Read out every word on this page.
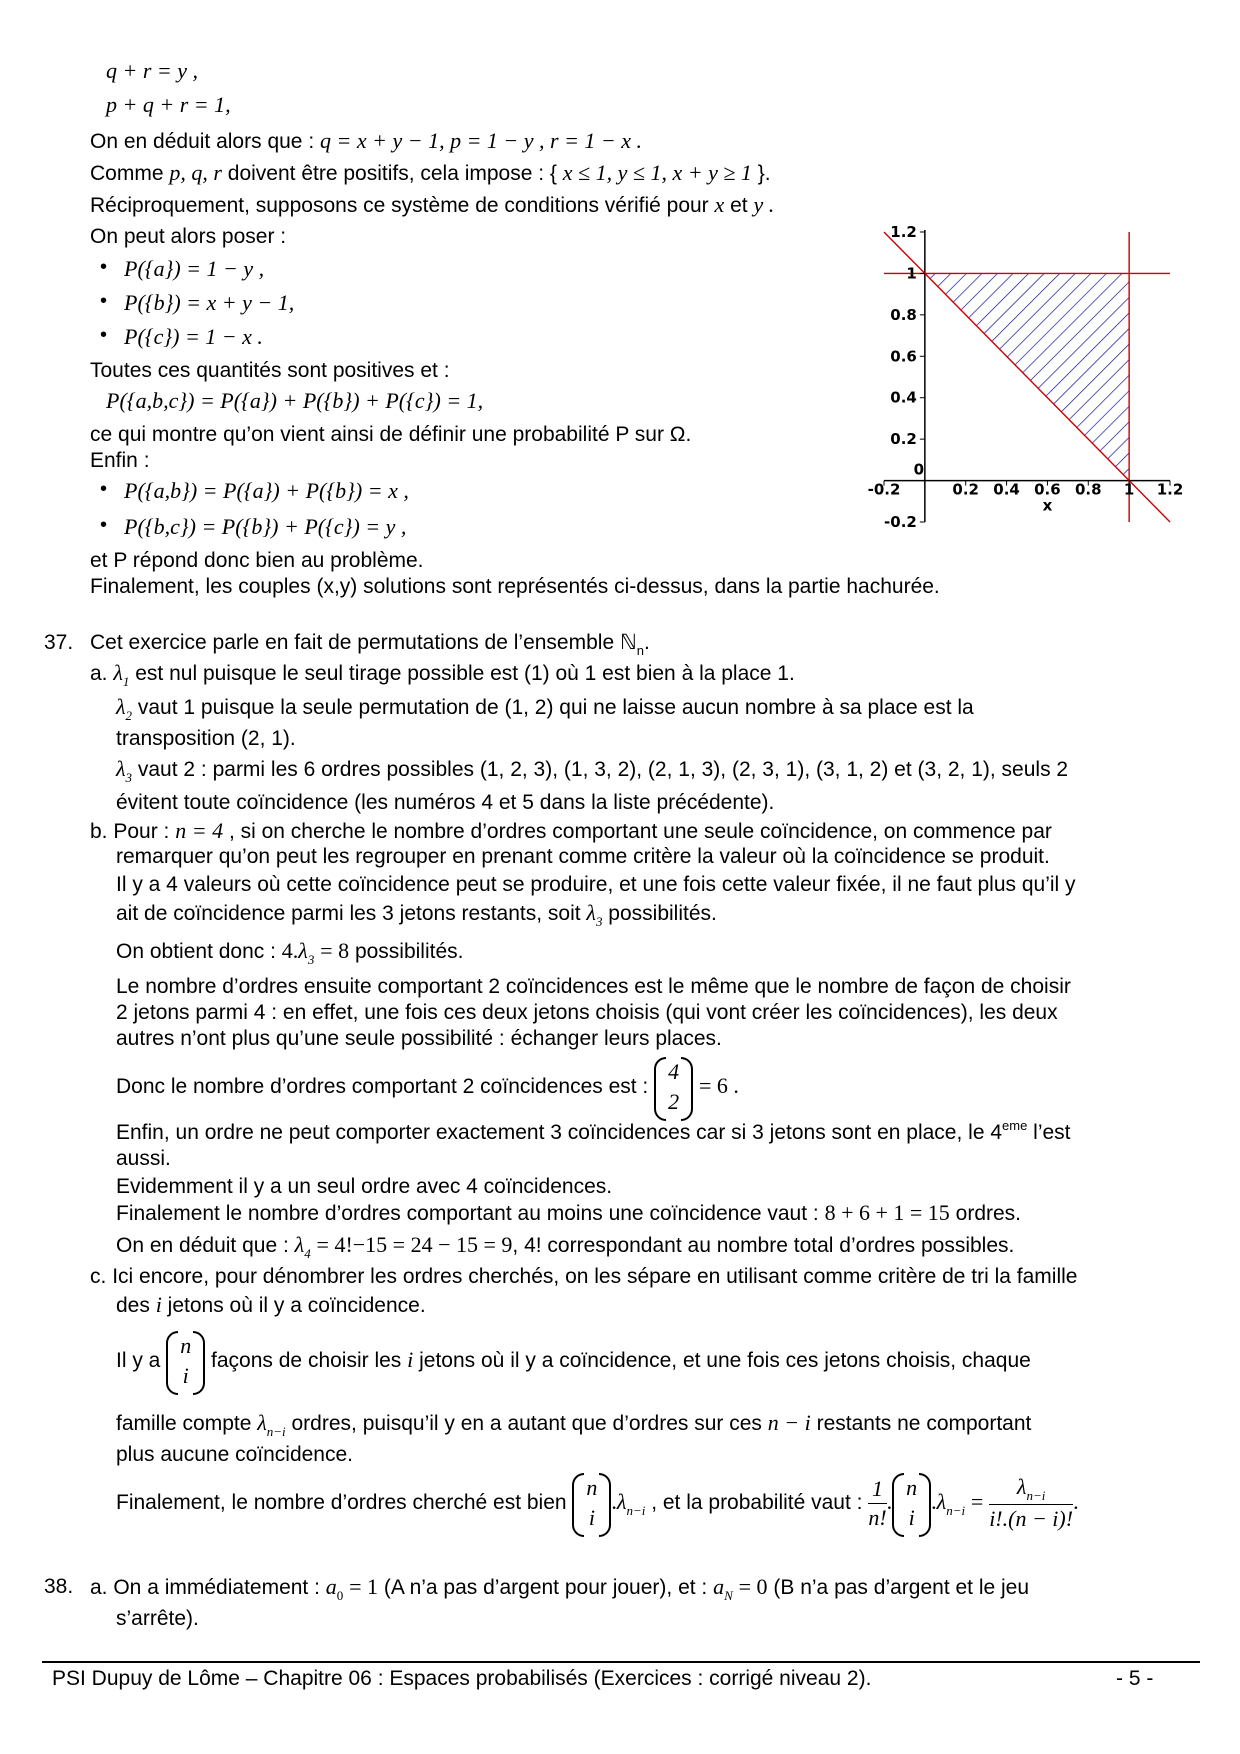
q + r = y ,
p + q + r = 1,
On en déduit alors que : q = x + y − 1, p = 1 − y , r = 1 − x .
Comme p, q, r doivent être positifs, cela impose : { x ≤ 1, y ≤ 1, x + y ≥ 1 }.
Réciproquement, supposons ce système de conditions vérifié pour x et y .
On peut alors poser :
• P({a}) = 1 − y ,
• P({b}) = x + y − 1,
• P({c}) = 1 − x .
Toutes ces quantités sont positives et :
P({a,b,c}) = P({a}) + P({b}) + P({c}) = 1,
ce qui montre qu’on vient ainsi de définir une probabilité P sur Ω.
Enfin :
• P({a,b}) = P({a}) + P({b}) = x ,
• P({b,c}) = P({b}) + P({c}) = y ,
et P répond donc bien au problème.
Finalement, les couples (x,y) solutions sont représentés ci-dessus, dans la partie hachurée.
-0.2
0
0.2 0.4 0.6 0.8 1 1.2
-0.2
0.2
0.4
0.6
0.8
1
1.2
x
37. Cet exercice parle en fait de permutations de l’ensemble ℕ$_n$.
a. $\lambda_1$ est nul puisque le seul tirage possible est (1) où 1 est bien à la place 1.
$\lambda_2$ vaut 1 puisque la seule permutation de (1, 2) qui ne laisse aucun nombre à sa place est la
transposition (2, 1).
$\lambda_3$ vaut 2 : parmi les 6 ordres possibles (1, 2, 3), (1, 3, 2), (2, 1, 3), (2, 3, 1), (3, 1, 2) et (3, 2, 1), seuls 2
évitent toute coïncidence (les numéros 4 et 5 dans la liste précédente).
b. Pour : n = 4 , si on cherche le nombre d’ordres comportant une seule coïncidence, on commence par
remarquer qu’on peut les regrouper en prenant comme critère la valeur où la coïncidence se produit.
Il y a 4 valeurs où cette coïncidence peut se produire, et une fois cette valeur fixée, il ne faut plus qu’il y
ait de coïncidence parmi les 3 jetons restants, soit $\lambda_3$ possibilités.
On obtient donc : $4.\lambda_3 = 8$ possibilités.
Le nombre d’ordres ensuite comportant 2 coïncidences est le même que le nombre de façon de choisir
2 jetons parmi 4 : en effet, une fois ces deux jetons choisis (qui vont créer les coïncidences), les deux
autres n’ont plus qu’une seule possibilité : échanger leurs places.
Donc le nombre d’ordres comportant 2 coïncidences est :
4
2
= 6 .
Enfin, un ordre ne peut comporter exactement 3 coïncidences car si 3 jetons sont en place, le 4eme l’est
aussi.
Evidemment il y a un seul ordre avec 4 coïncidences.
Finalement le nombre d’ordres comportant au moins une coïncidence vaut : 8 + 6 + 1 = 15 ordres.
On en déduit que : $\lambda_4 = 4!-15 = 24 - 15 = 9$, 4! correspondant au nombre total d’ordres possibles.
c. Ici encore, pour dénombrer les ordres cherchés, on les sépare en utilisant comme critère de tri la famille
des i jetons où il y a coïncidence.
Il y a
n
i
façons de choisir les i jetons où il y a coïncidence, et une fois ces jetons choisis, chaque
famille compte $\lambda_{n-i}$ ordres, puisqu’il y en a autant que d’ordres sur ces n − i restants ne comportant
plus aucune coïncidence.
Finalement, le nombre d’ordres cherché est bien
n
i
$.\lambda_{n-i}$ , et la probabilité vaut : $\frac{1}{n!}$ .
n
i
$.\lambda_{n-i} = \frac{\lambda_{n-i}}{i!.(n - i)!}$ .
38. a. On a immédiatement : $a_0 = 1$ (A n’a pas d’argent pour jouer), et : $a_N = 0$ (B n’a pas d’argent et le jeu
s’arrête).
PSI Dupuy de Lôme – Chapitre 06 : Espaces probabilisés (Exercices : corrigé niveau 2).	- 5 -
